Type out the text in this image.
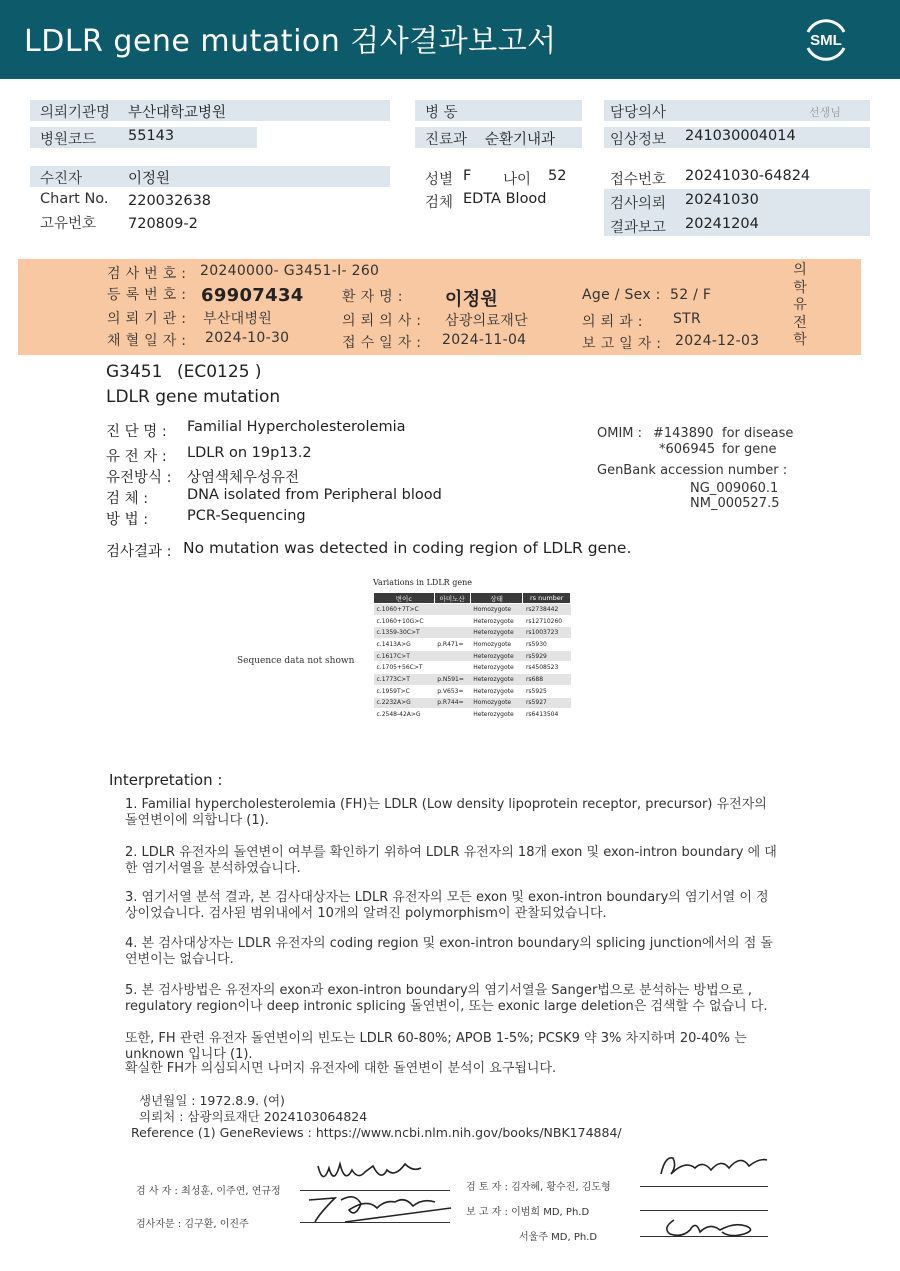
LDLR gene mutation 검사결과보고서	SML
의뢰기관명 부산대학교병원
병원코드 55143
수진자	이정원
Chart No. 220032638
고유번호 720809-2
병 동
진료과 순환기내과
성별 F 나이 52
검체 EDTA Blood
담당의사	선생님
임상정보 241030004014
접수번호 20241030-64824
검사의뢰 20241030
결과보고 20241204
검 사 번 호 : 20240000- G3451-I- 260
등 록 번 호 : 69907434	환 자 명 : 이정원	Age / Sex : 52 / F
의 뢰 기 관 : 부산대병원	의 뢰 의 사 : 삼광의료재단	의 뢰 과 : STR
채 혈 일 자 : 2024-10-30	접 수 일 자 : 2024-11-04	보 고 일 자 : 2024-12-03
의학유전학
G3451 (EC0125 )
LDLR gene mutation
진 단 명 : Familial Hypercholesterolemia
유 전 자 : LDLR on 19p13.2
유전방식 : 상염색체우성유전
검 체 :	DNA isolated from Peripheral blood
방 법 :	PCR-Sequencing
OMIM : #143890 for disease
*606945 for gene
GenBank accession number :
NG_009060.1
NM_000527.5
검사결과 : No mutation was detected in coding region of LDLR gene.
Variations in LDLR gene
변이c	아미노산	상태	rs number
c.1060+7T>C		Homozygote	rs2738442
c.1060+10G>C		Heterozygote	rs12710260
c.1359-30C>T		Heterozygote	rs1003723
c.1413A>G	p.R471=	Homozygote	rs5930
c.1617C>T		Heterozygote	rs5929
c.1705+56C>T		Heterozygote	rs4508523
c.1773C>T	p.N591=	Heterozygote	rs688
c.1959T>C	p.V653=	Heterozygote	rs5925
c.2232A>G	p.R744=	Homozygote	rs5927
c.2548-42A>G		Heterozygote	rs6413504
Sequence data not shown
Interpretation :
1. Familial hypercholesterolemia (FH)는 LDLR (Low density lipoprotein receptor, precursor) 유전자의 돌연변이에 의합니다 (1).
2. LDLR 유전자의 돌연변이 여부를 확인하기 위하여 LDLR 유전자의 18개 exon 및 exon-intron boundary 에 대한 염기서열을 분석하였습니다.
3. 염기서열 분석 결과, 본 검사대상자는 LDLR 유전자의 모든 exon 및 exon-intron boundary의 염기서열 이 정상이었습니다. 검사된 범위내에서 10개의 알려진 polymorphism이 관찰되었습니다.
4. 본 검사대상자는 LDLR 유전자의 coding region 및 exon-intron boundary의 splicing junction에서의 점 돌연변이는 없습니다.
5. 본 검사방법은 유전자의 exon과 exon-intron boundary의 염기서열을 Sanger법으로 분석하는 방법으로 , regulatory region이나 deep intronic splicing 돌연변이, 또는 exonic large deletion은 검색할 수 없습니 다.
또한, FH 관련 유전자 돌연변이의 빈도는 LDLR 60-80%; APOB 1-5%; PCSK9 약 3% 차지하며 20-40% 는 unknown 입니다 (1).
확실한 FH가 의심되시면 나머지 유전자에 대한 돌연변이 분석이 요구됩니다.
생년월일 : 1972.8.9. (여)
의뢰처 : 삼광의료재단 2024103064824
Reference (1) GeneReviews : https://www.ncbi.nlm.nih.gov/books/NBK174884/
검 사 자 : 최성훈, 이주연, 연규정
검사자문 : 김구환, 이진주
검 토 자 : 김자혜, 황수진, 김도형
보 고 자 : 이범희 MD, Ph.D
서울주 MD, Ph.D
